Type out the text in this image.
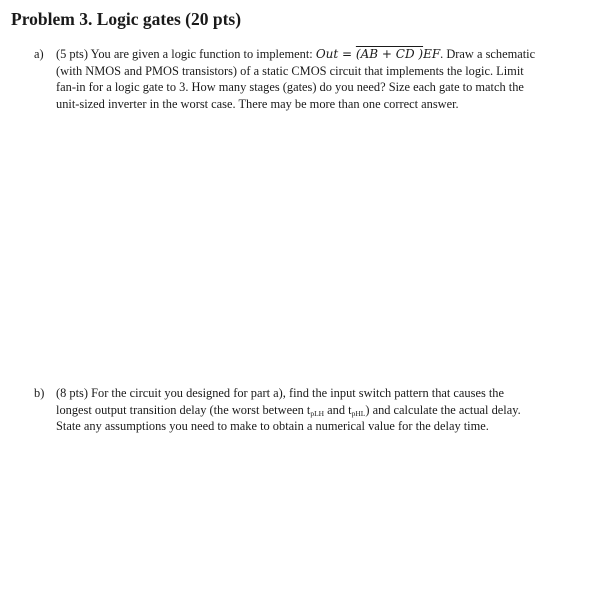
Problem 3. Logic gates (20 pts)
a) (5 pts) You are given a logic function to implement: Out = (AB + CD )EF. Draw a schematic
(with NMOS and PMOS transistors) of a static CMOS circuit that implements the logic. Limit
fan-in for a logic gate to 3. How many stages (gates) do you need? Size each gate to match the
unit-sized inverter in the worst case. There may be more than one correct answer.
b) (8 pts) For the circuit you designed for part a), find the input switch pattern that causes the
longest output transition delay (the worst between $t_{pLH}$ and $t_{pHL}$) and calculate the actual delay.
State any assumptions you need to make to obtain a numerical value for the delay time.
